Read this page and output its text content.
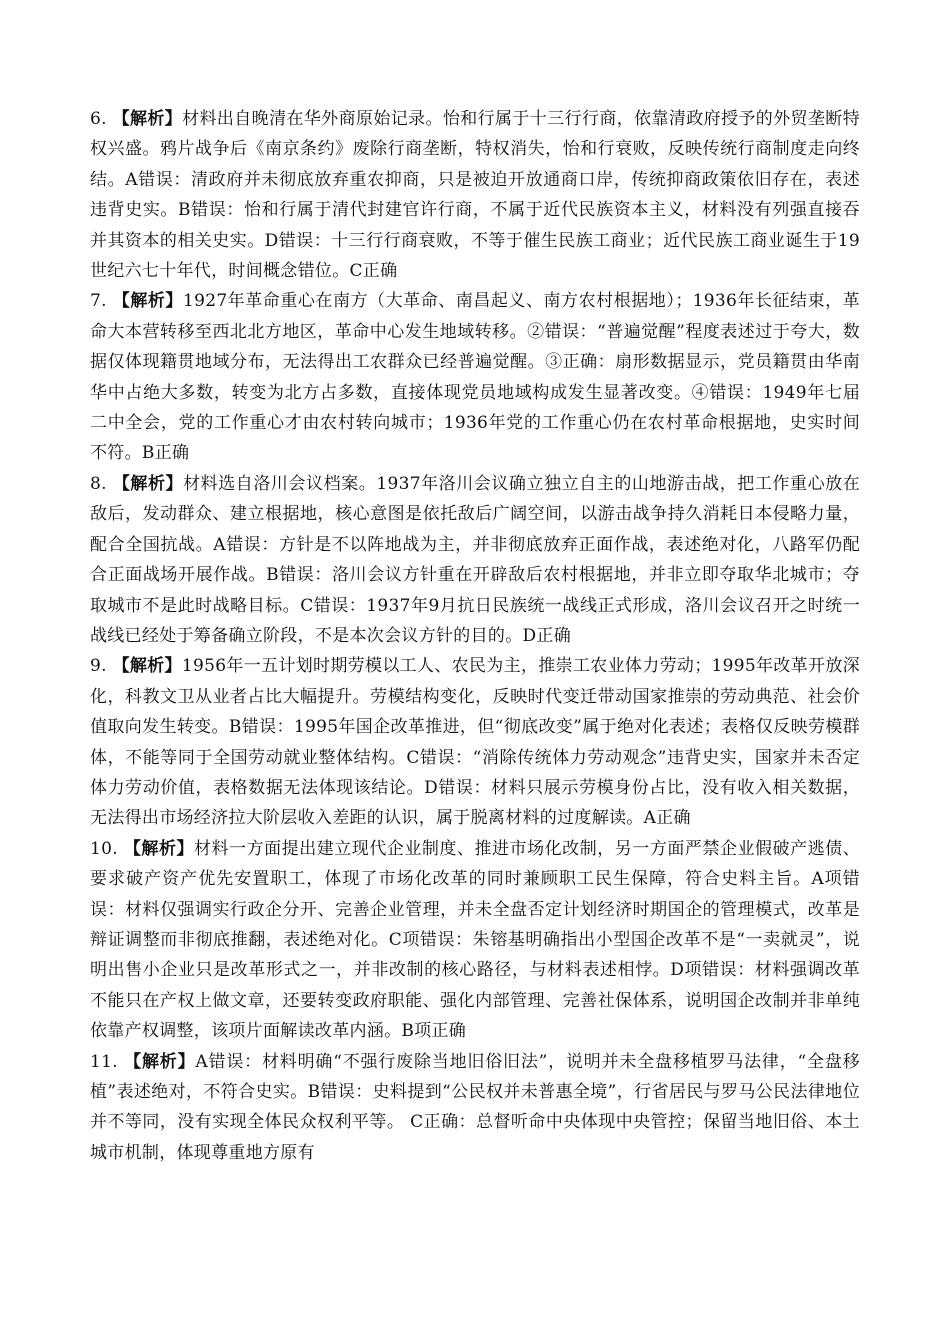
6. 【解析】材料出自晚清在华外商原始记录。怡和行属于十三行行商，依靠清政府授予的外贸垄断特权兴盛。鸦片战争后《南京条约》废除行商垄断，特权消失，怡和行衰败，反映传统行商制度走向终结。A错误：清政府并未彻底放弃重农抑商，只是被迫开放通商口岸，传统抑商政策依旧存在，表述违背史实。B错误：怡和行属于清代封建官许行商，不属于近代民族资本主义，材料没有列强直接吞并其资本的相关史实。D错误：十三行行商衰败，不等于催生民族工商业；近代民族工商业诞生于19世纪六七十年代，时间概念错位。C正确
7. 【解析】1927年革命重心在南方（大革命、南昌起义、南方农村根据地）；1936年长征结束，革命大本营转移至西北北方地区，革命中心发生地域转移。②错误：“普遍觉醒”程度表述过于夸大，数据仅体现籍贯地域分布，无法得出工农群众已经普遍觉醒。③正确：扇形数据显示，党员籍贯由华南华中占绝大多数，转变为北方占多数，直接体现党员地域构成发生显著改变。④错误：1949年七届二中全会，党的工作重心才由农村转向城市；1936年党的工作重心仍在农村革命根据地，史实时间不符。B正确
8. 【解析】材料选自洛川会议档案。1937年洛川会议确立独立自主的山地游击战，把工作重心放在敌后，发动群众、建立根据地，核心意图是依托敌后广阔空间，以游击战争持久消耗日本侵略力量，配合全国抗战。A错误：方针是不以阵地战为主，并非彻底放弃正面作战，表述绝对化，八路军仍配合正面战场开展作战。B错误：洛川会议方针重在开辟敌后农村根据地，并非立即夺取华北城市；夺取城市不是此时战略目标。C错误：1937年9月抗日民族统一战线正式形成，洛川会议召开之时统一战线已经处于筹备确立阶段，不是本次会议方针的目的。D正确
9. 【解析】1956年一五计划时期劳模以工人、农民为主，推崇工农业体力劳动；1995年改革开放深化，科教文卫从业者占比大幅提升。劳模结构变化，反映时代变迁带动国家推崇的劳动典范、社会价值取向发生转变。B错误：1995年国企改革推进，但“彻底改变”属于绝对化表述；表格仅反映劳模群体，不能等同于全国劳动就业整体结构。C错误：“消除传统体力劳动观念”违背史实，国家并未否定体力劳动价值，表格数据无法体现该结论。D错误：材料只展示劳模身份占比，没有收入相关数据，无法得出市场经济拉大阶层收入差距的认识，属于脱离材料的过度解读。A正确
10. 【解析】材料一方面提出建立现代企业制度、推进市场化改制，另一方面严禁企业假破产逃债、要求破产资产优先安置职工，体现了市场化改革的同时兼顾职工民生保障，符合史料主旨。A项错误：材料仅强调实行政企分开、完善企业管理，并未全盘否定计划经济时期国企的管理模式，改革是辩证调整而非彻底推翻，表述绝对化。C项错误：朱镕基明确指出小型国企改革不是“一卖就灵”，说明出售小企业只是改革形式之一，并非改制的核心路径，与材料表述相悖。D项错误：材料强调改革不能只在产权上做文章，还要转变政府职能、强化内部管理、完善社保体系，说明国企改制并非单纯依靠产权调整，该项片面解读改革内涵。B项正确
11. 【解析】A错误：材料明确“不强行废除当地旧俗旧法”，说明并未全盘移植罗马法律，“全盘移植”表述绝对，不符合史实。B错误：史料提到“公民权并未普惠全境”，行省居民与罗马公民法律地位并不等同，没有实现全体民众权利平等。 C正确：总督听命中央体现中央管控；保留当地旧俗、本土城市机制，体现尊重地方原有
